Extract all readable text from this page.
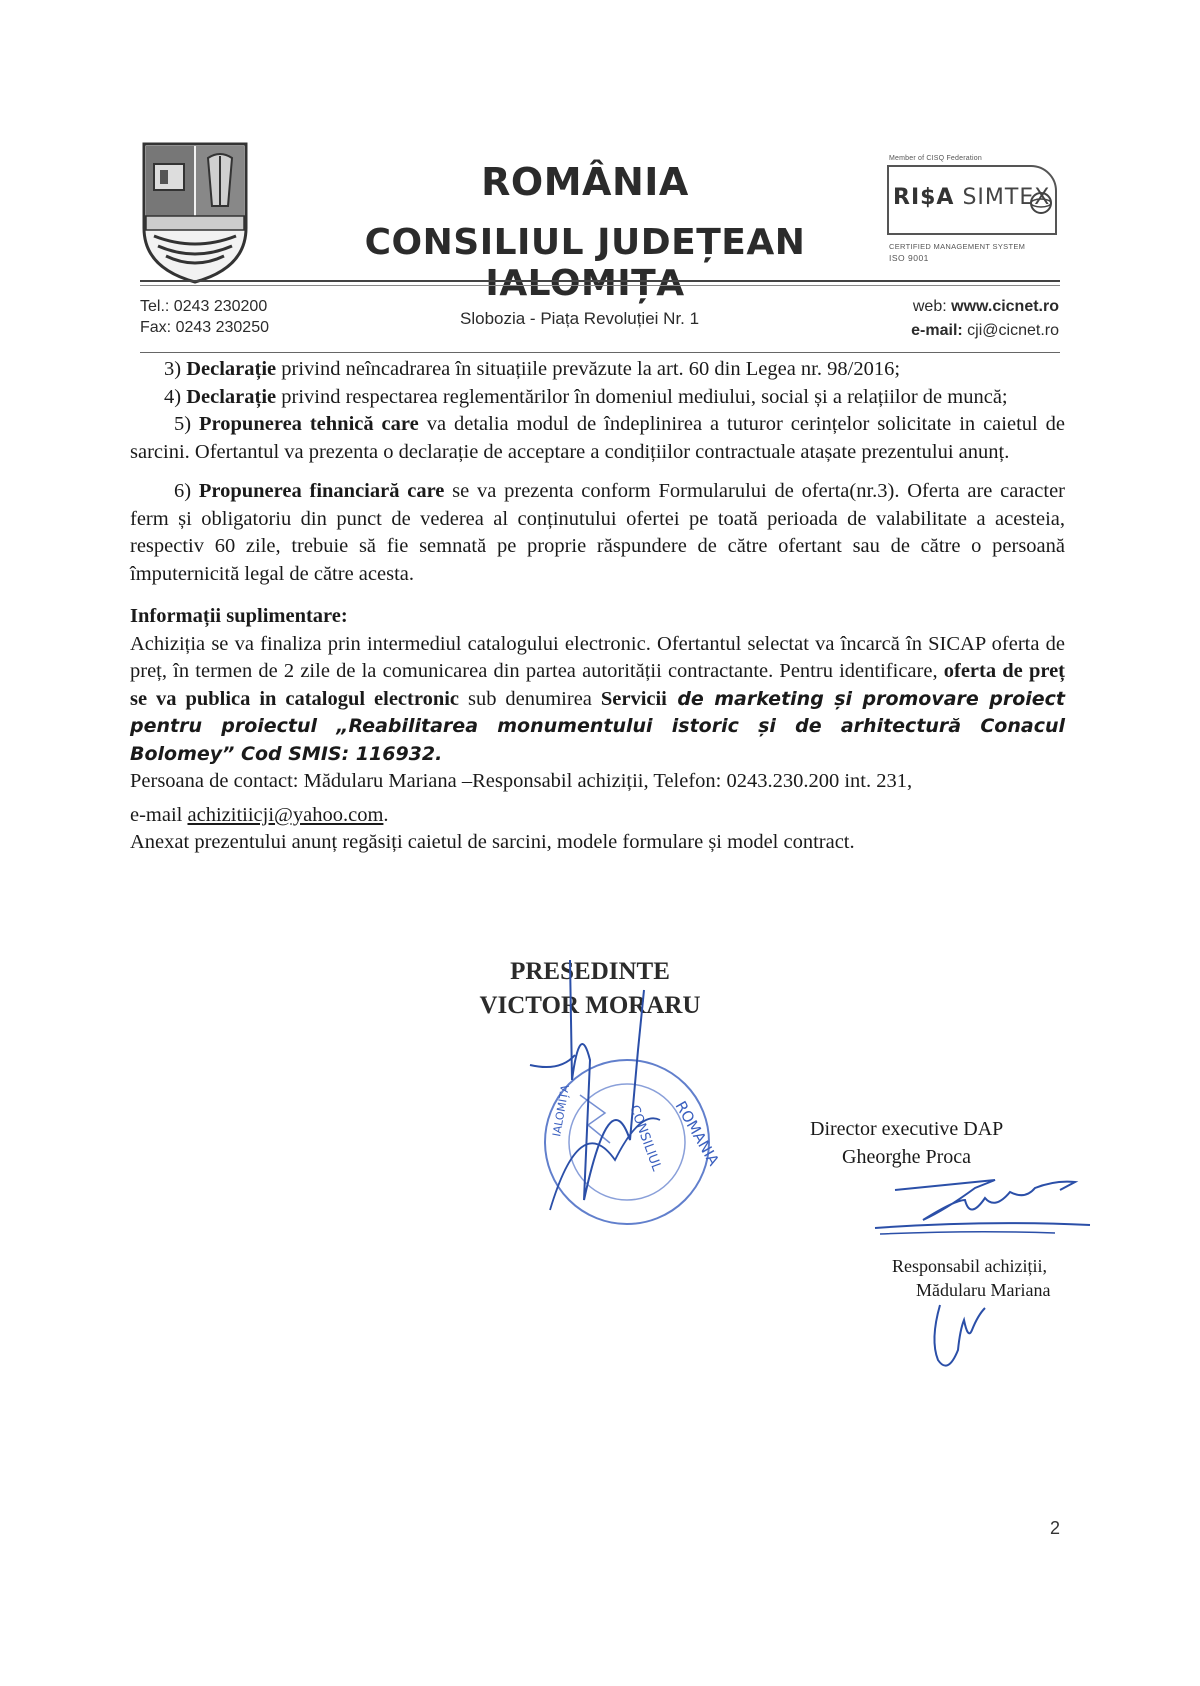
ROMÂNIA
CONSILIUL JUDEȚEAN IALOMIȚA
Member of CISQ Federation
RI$A SIMTEX
CERTIFIED MANAGEMENT SYSTEM
ISO 9001
Tel.: 0243 230200
Fax: 0243 230250	Slobozia - Piața Revoluției Nr. 1
web: www.cicnet.ro
e-mail: cji@cicnet.ro

3) Declarație privind neîncadrarea în situațiile prevăzute la art. 60 din Legea nr. 98/2016;

4) Declarație privind respectarea reglementărilor în domeniul mediului, social și a relațiilor de muncă;

5) Propunerea tehnică care va detalia modul de îndeplinirea a tuturor cerințelor solicitate in caietul de sarcini. Ofertantul va prezenta o declarație de acceptare a condițiilor contractuale atașate prezentului anunț.

6) Propunerea financiară care se va prezenta conform Formularului de oferta(nr.3). Oferta are caracter ferm și obligatoriu din punct de vederea al conținutului ofertei pe toată perioada de valabilitate a acesteia, respectiv 60 zile, trebuie să fie semnată pe proprie răspundere de către ofertant sau de către o persoană împuternicită legal de către acesta.

Informații suplimentare:

Achiziția se va finaliza prin intermediul catalogului electronic. Ofertantul selectat va încarcă în SICAP oferta de preț, în termen de 2 zile de la comunicarea din partea autorității contractante. Pentru identificare, oferta de preț se va publica in catalogul electronic sub denumirea Servicii de marketing și promovare proiect pentru proiectul „Reabilitarea monumentului istoric și de arhitectură Conacul Bolomey” Cod SMIS: 116932.

Persoana de contact: Mădularu Mariana –Responsabil achiziții, Telefon: 0243.230.200 int. 231,

e-mail achizitiicji@yahoo.com.

Anexat prezentului anunț regăsiți caietul de sarcini, modele formulare și model contract.

PRESEDINTE
VICTOR MORARU
ROMANIA
CONSILIUL
IALOMIȚA	Director executive DAP
Gheorghe Proca
Responsabil achiziții,
Mădularu Mariana
2
